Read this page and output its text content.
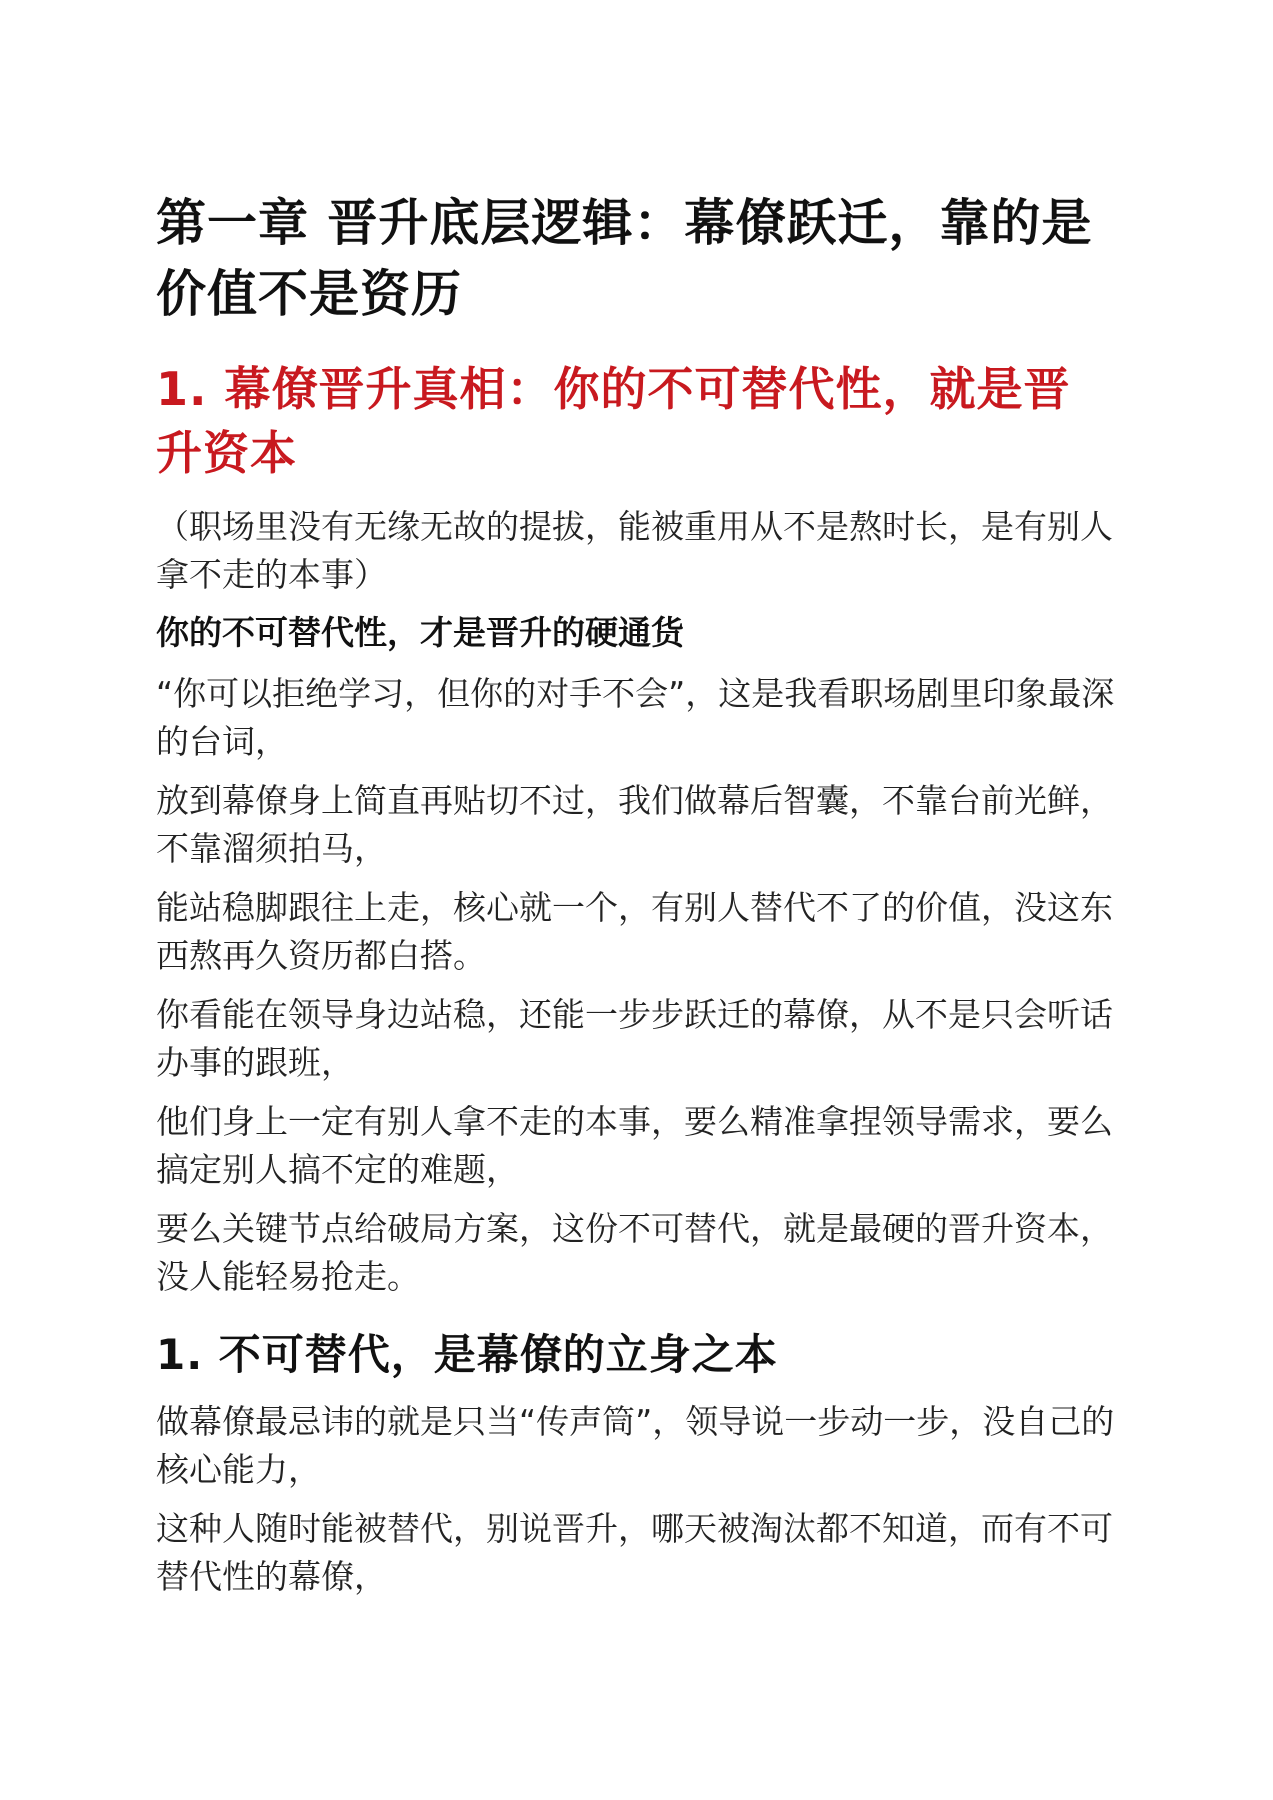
第一章 晋升底层逻辑：幕僚跃迁，靠的是价值不是资历
1. 幕僚晋升真相：你的不可替代性，就是晋升资本

（职场里没有无缘无故的提拔，能被重用从不是熬时长，是有别人拿不走的本事）

你的不可替代性，才是晋升的硬通货

“你可以拒绝学习，但你的对手不会”，这是我看职场剧里印象最深的台词，

放到幕僚身上简直再贴切不过，我们做幕后智囊，不靠台前光鲜，不靠溜须拍马，

能站稳脚跟往上走，核心就一个，有别人替代不了的价值，没这东西熬再久资历都白搭。

你看能在领导身边站稳，还能一步步跃迁的幕僚，从不是只会听话办事的跟班，

他们身上一定有别人拿不走的本事，要么精准拿捏领导需求，要么搞定别人搞不定的难题，

要么关键节点给破局方案，这份不可替代，就是最硬的晋升资本，没人能轻易抢走。

1. 不可替代，是幕僚的立身之本

做幕僚最忌讳的就是只当“传声筒”，领导说一步动一步，没自己的核心能力，

这种人随时能被替代，别说晋升，哪天被淘汰都不知道，而有不可替代性的幕僚，
